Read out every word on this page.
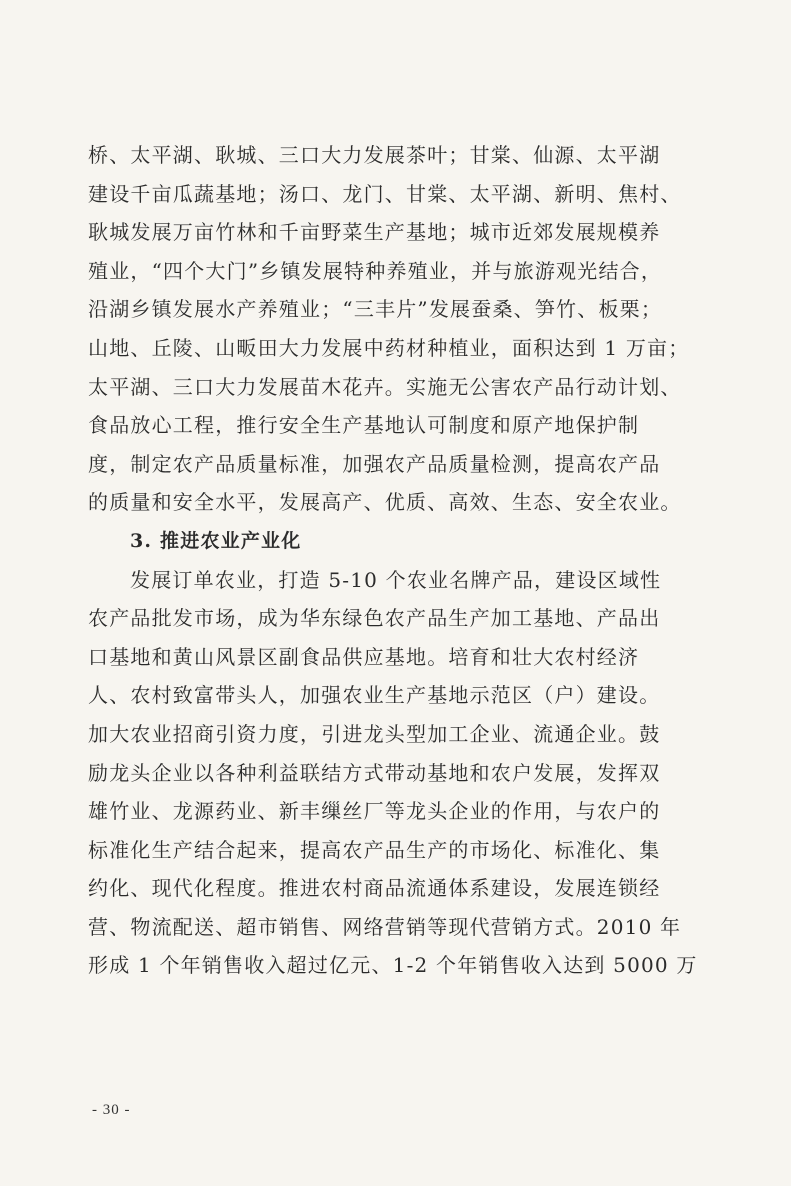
桥、太平湖、耿城、三口大力发展茶叶；甘棠、仙源、太平湖
建设千亩瓜蔬基地；汤口、龙门、甘棠、太平湖、新明、焦村、
耿城发展万亩竹林和千亩野菜生产基地；城市近郊发展规模养
殖业，“四个大门”乡镇发展特种养殖业，并与旅游观光结合，
沿湖乡镇发展水产养殖业；“三丰片”发展蚕桑、笋竹、板栗；
山地、丘陵、山畈田大力发展中药材种植业，面积达到 1 万亩；
太平湖、三口大力发展苗木花卉。实施无公害农产品行动计划、
食品放心工程，推行安全生产基地认可制度和原产地保护制
度，制定农产品质量标准，加强农产品质量检测，提高农产品
的质量和安全水平，发展高产、优质、高效、生态、安全农业。
3. 推进农业产业化
发展订单农业，打造 5-10 个农业名牌产品，建设区域性
农产品批发市场，成为华东绿色农产品生产加工基地、产品出
口基地和黄山风景区副食品供应基地。培育和壮大农村经济
人、农村致富带头人，加强农业生产基地示范区（户）建设。
加大农业招商引资力度，引进龙头型加工企业、流通企业。鼓
励龙头企业以各种利益联结方式带动基地和农户发展，发挥双
雄竹业、龙源药业、新丰缫丝厂等龙头企业的作用，与农户的
标准化生产结合起来，提高农产品生产的市场化、标准化、集
约化、现代化程度。推进农村商品流通体系建设，发展连锁经
营、物流配送、超市销售、网络营销等现代营销方式。2010 年
形成 1 个年销售收入超过亿元、1-2 个年销售收入达到 5000 万
- 30 -
